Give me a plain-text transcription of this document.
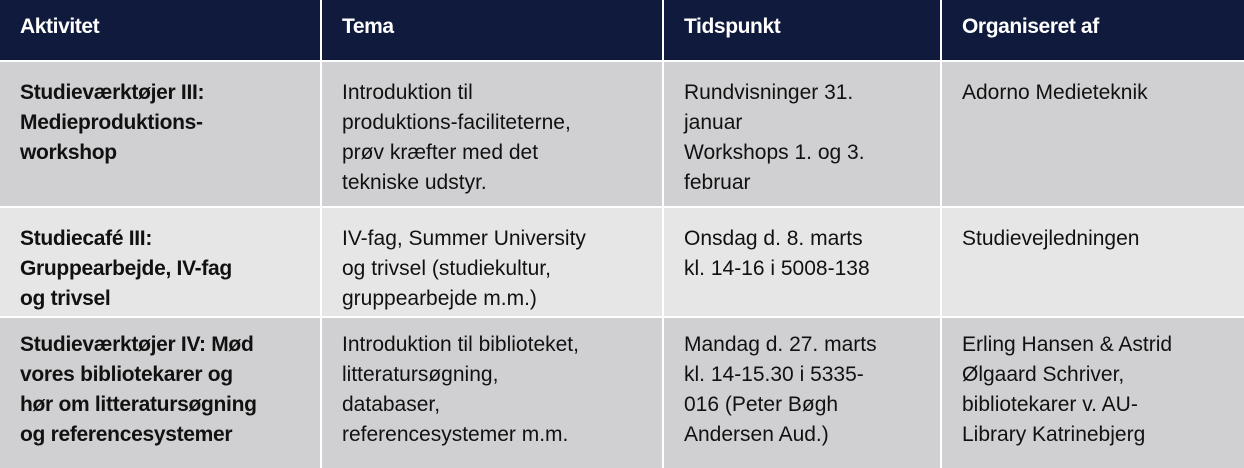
Aktivitet	Tema	Tidspunkt	Organiseret af

Studieværktøjer III:
Medieproduktions-
workshop	Introduktion til
produktions-faciliteterne,
prøv kræfter med det
tekniske udstyr.	Rundvisninger 31.
januar
Workshops 1. og 3.
februar	Adorno Medieteknik

Studiecafé III:
Gruppearbejde, IV-fag
og trivsel	IV-fag, Summer University
og trivsel (studiekultur,
gruppearbejde m.m.)	Onsdag d. 8. marts
kl. 14-16 i 5008-138	Studievejledningen

Studieværktøjer IV: Mød
vores bibliotekarer og
hør om litteratursøgning
og referencesystemer	Introduktion til biblioteket,
litteratursøgning,
databaser,
referencesystemer m.m.	Mandag d. 27. marts
kl. 14-15.30 i 5335-
016 (Peter Bøgh
Andersen Aud.)	Erling Hansen & Astrid
Ølgaard Schriver,
bibliotekarer v. AU-
Library Katrinebjerg
